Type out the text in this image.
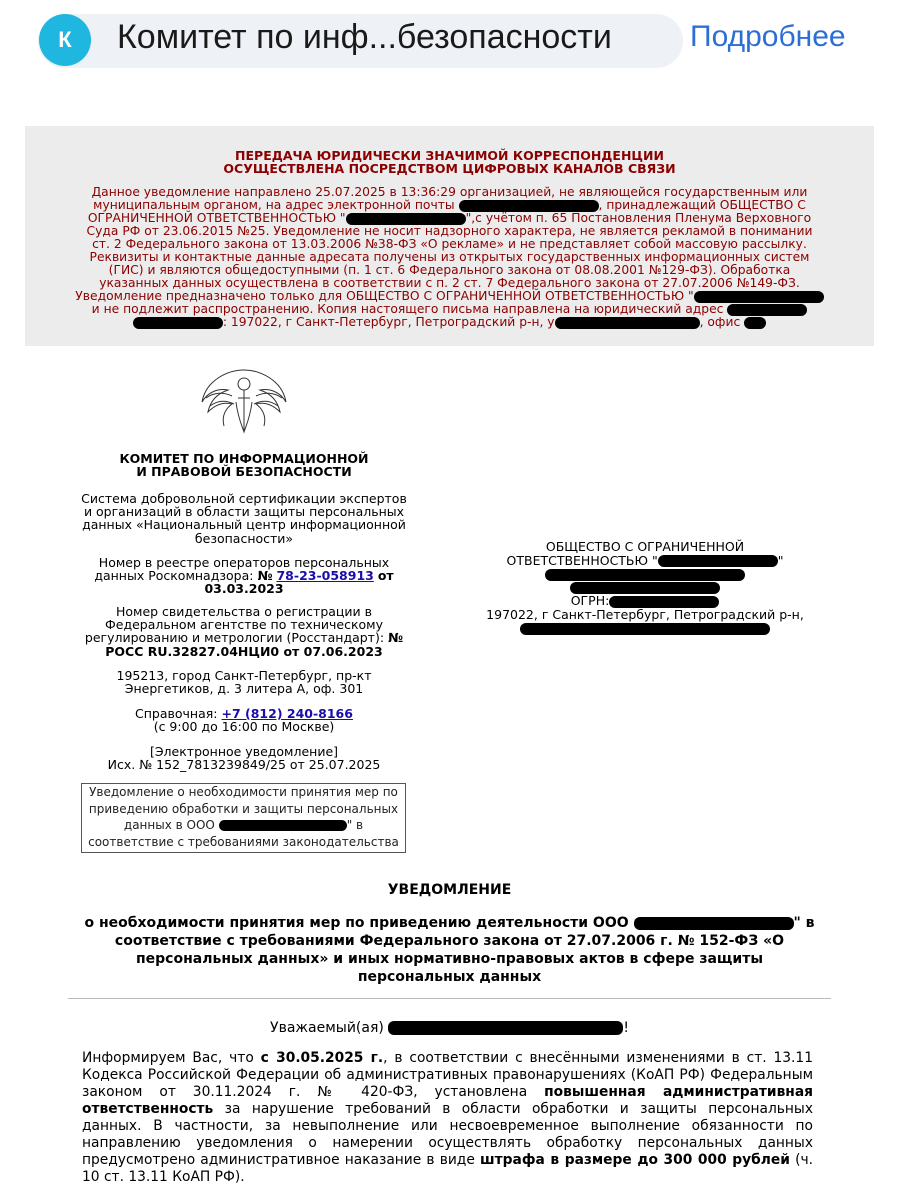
К	Комитет по инф...безопасности	Подробнее
ПЕРЕДАЧА ЮРИДИЧЕСКИ ЗНАЧИМОЙ КОРРЕСПОНДЕНЦИИ
ОСУЩЕСТВЛЕНА ПОСРЕДСТВОМ ЦИФРОВЫХ КАНАЛОВ СВЯЗИ
Данное уведомление направлено 25.07.2025 в 13:36:29 организацией, не являющейся государственным или
муниципальным органом, на адрес электронной почты	, принадлежащий ОБЩЕСТВО С
ОГРАНИЧЕННОЙ ОТВЕТСТВЕННОСТЬЮ "	",с учётом п. 65 Постановления Пленума Верховного
Суда РФ от 23.06.2015 №25. Уведомление не носит надзорного характера, не является рекламой в понимании
ст. 2 Федерального закона от 13.03.2006 №38-ФЗ «О рекламе» и не представляет собой массовую рассылку.
Реквизиты и контактные данные адресата получены из открытых государственных информационных систем
(ГИС) и являются общедоступными (п. 1 ст. 6 Федерального закона от 08.08.2001 №129-ФЗ). Обработка
указанных данных осуществлена в соответствии с п. 2 ст. 7 Федерального закона от 27.07.2006 №149-ФЗ.
Уведомление предназначено только для ОБЩЕСТВО С ОГРАНИЧЕННОЙ ОТВЕТСТВЕННОСТЬЮ "
и не подлежит распространению. Копия настоящего письма направлена на юридический адрес
: 197022, г Санкт-Петербург, Петроградский р-н, у	, офис
КОМИТЕТ ПО ИНФОРМАЦИОННОЙ
И ПРАВОВОЙ БЕЗОПАСНОСТИ
Система добровольной сертификации экспертов
и организаций в области защиты персональных
данных «Национальный центр информационной
безопасности»
Номер в реестре операторов персональных
данных Роскомнадзора: № 78-23-058913 от
03.03.2023
Номер свидетельства о регистрации в
Федеральном агентстве по техническому
регулированию и метрологии (Росстандарт): №
РОСС RU.32827.04НЦИ0 от 07.06.2023
195213, город Санкт-Петербург, пр-кт
Энергетиков, д. 3 литера А, оф. 301
Справочная: +7 (812) 240-8166
(с 9:00 до 16:00 по Москве)
[Электронное уведомление]
Исх. № 152_7813239849/25 от 25.07.2025
Уведомление о необходимости принятия мер по
приведению обработки и защиты персональных
данных в ООО	" в
соответствие с требованиями законодательства
ОБЩЕСТВО С ОГРАНИЧЕННОЙ
ОТВЕТСТВЕННОСТЬЮ "	"
ОГРН:
197022, г Санкт-Петербург, Петроградский р-н,
УВЕДОМЛЕНИЕ
о необходимости принятия мер по приведению деятельности ООО	" в
соответствие с требованиями Федерального закона от 27.07.2006 г. № 152-ФЗ «О
персональных данных» и иных нормативно-правовых актов в сфере защиты
персональных данных
Уважаемый(ая)	!
Информируем Вас, что с 30.05.2025 г., в соответствии с внесёнными изменениями в ст. 13.11 Кодекса Российской Федерации об административных правонарушениях (КоАП РФ) Федеральным законом от 30.11.2024 г. № 420-ФЗ, установлена повышенная административная ответственность за нарушение требований в области обработки и защиты персональных данных. В частности, за невыполнение или несвоевременное выполнение обязанности по направлению уведомления о намерении осуществлять обработку персональных данных предусмотрено административное наказание в виде штрафа в размере до 300 000 рублей (ч. 10 ст. 13.11 КоАП РФ).
